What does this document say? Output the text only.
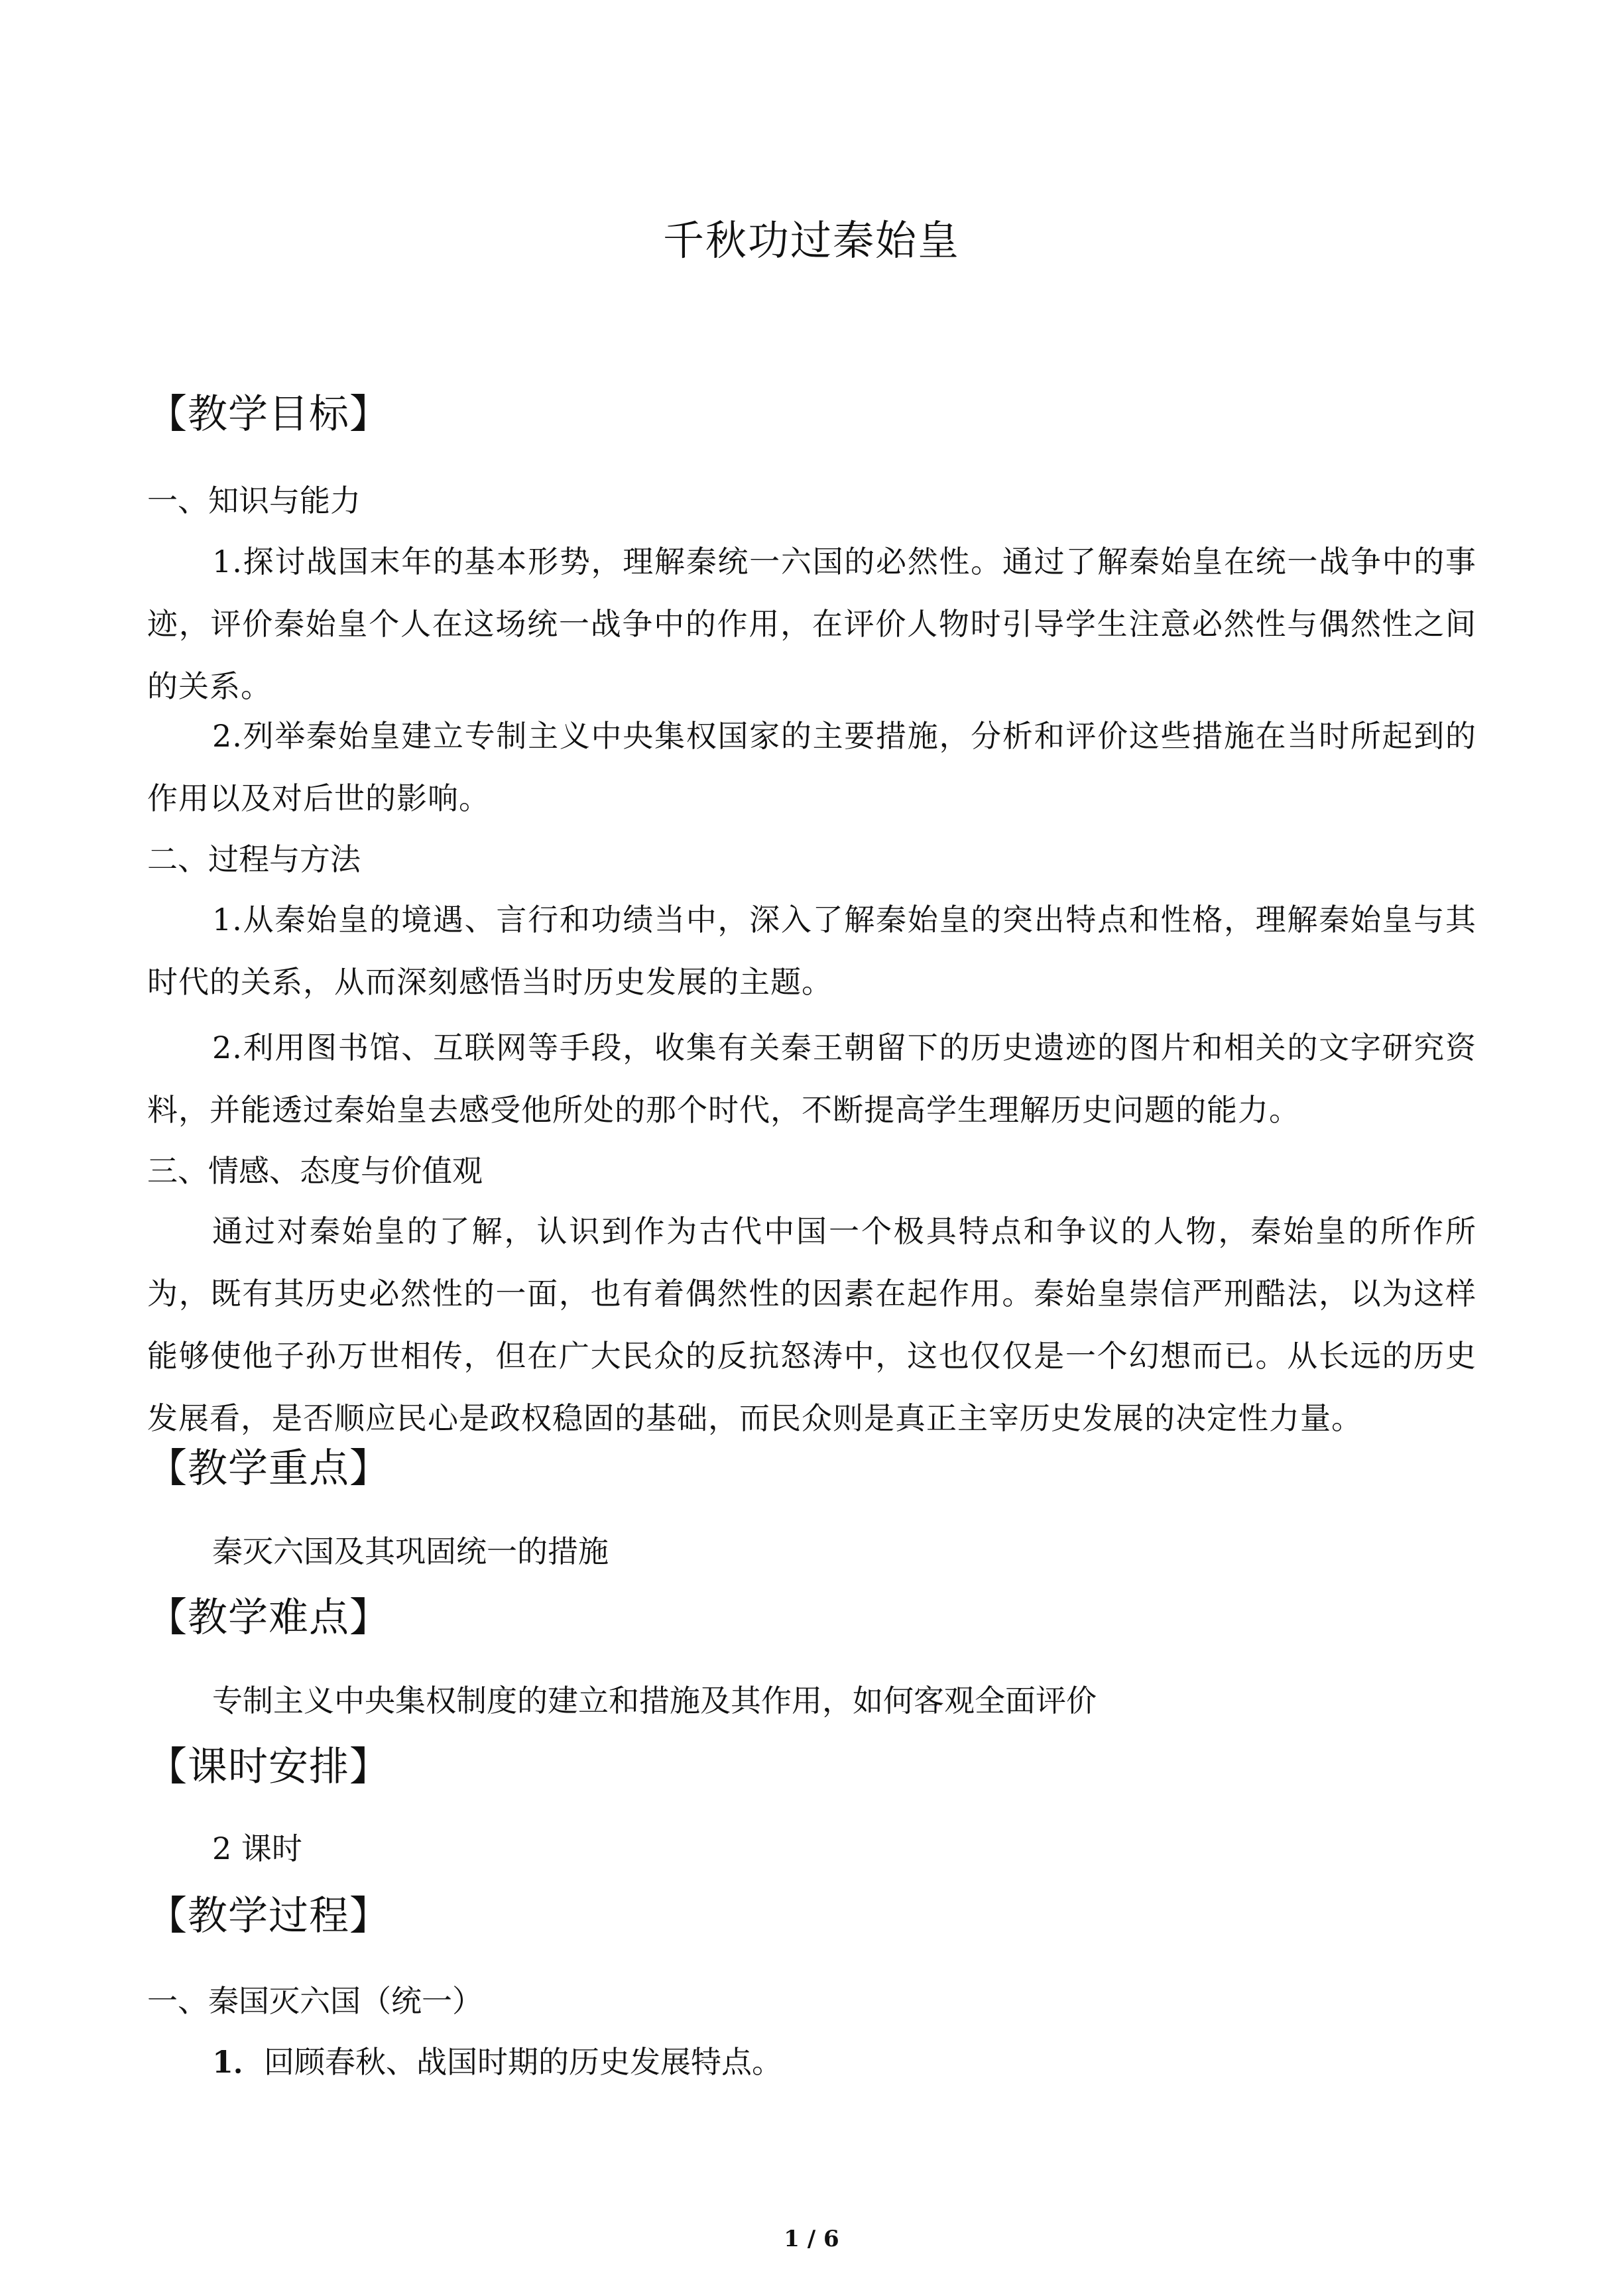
千秋功过秦始皇
【教学目标】
一、知识与能力
1.探讨战国末年的基本形势，理解秦统一六国的必然性。通过了解秦始皇在统一战争中的事迹，评价秦始皇个人在这场统一战争中的作用，在评价人物时引导学生注意必然性与偶然性之间的关系。
2.列举秦始皇建立专制主义中央集权国家的主要措施，分析和评价这些措施在当时所起到的作用以及对后世的影响。
二、过程与方法
1.从秦始皇的境遇、言行和功绩当中，深入了解秦始皇的突出特点和性格，理解秦始皇与其时代的关系，从而深刻感悟当时历史发展的主题。
2.利用图书馆、互联网等手段，收集有关秦王朝留下的历史遗迹的图片和相关的文字研究资料，并能透过秦始皇去感受他所处的那个时代，不断提高学生理解历史问题的能力。
三、情感、态度与价值观
通过对秦始皇的了解，认识到作为古代中国一个极具特点和争议的人物，秦始皇的所作所为，既有其历史必然性的一面，也有着偶然性的因素在起作用。秦始皇崇信严刑酷法，以为这样能够使他子孙万世相传，但在广大民众的反抗怒涛中，这也仅仅是一个幻想而已。从长远的历史发展看，是否顺应民心是政权稳固的基础，而民众则是真正主宰历史发展的决定性力量。
【教学重点】
秦灭六国及其巩固统一的措施
【教学难点】
专制主义中央集权制度的建立和措施及其作用，如何客观全面评价
【课时安排】
2 课时
【教学过程】
一、秦国灭六国（统一）
1．回顾春秋、战国时期的历史发展特点。
1 / 6
